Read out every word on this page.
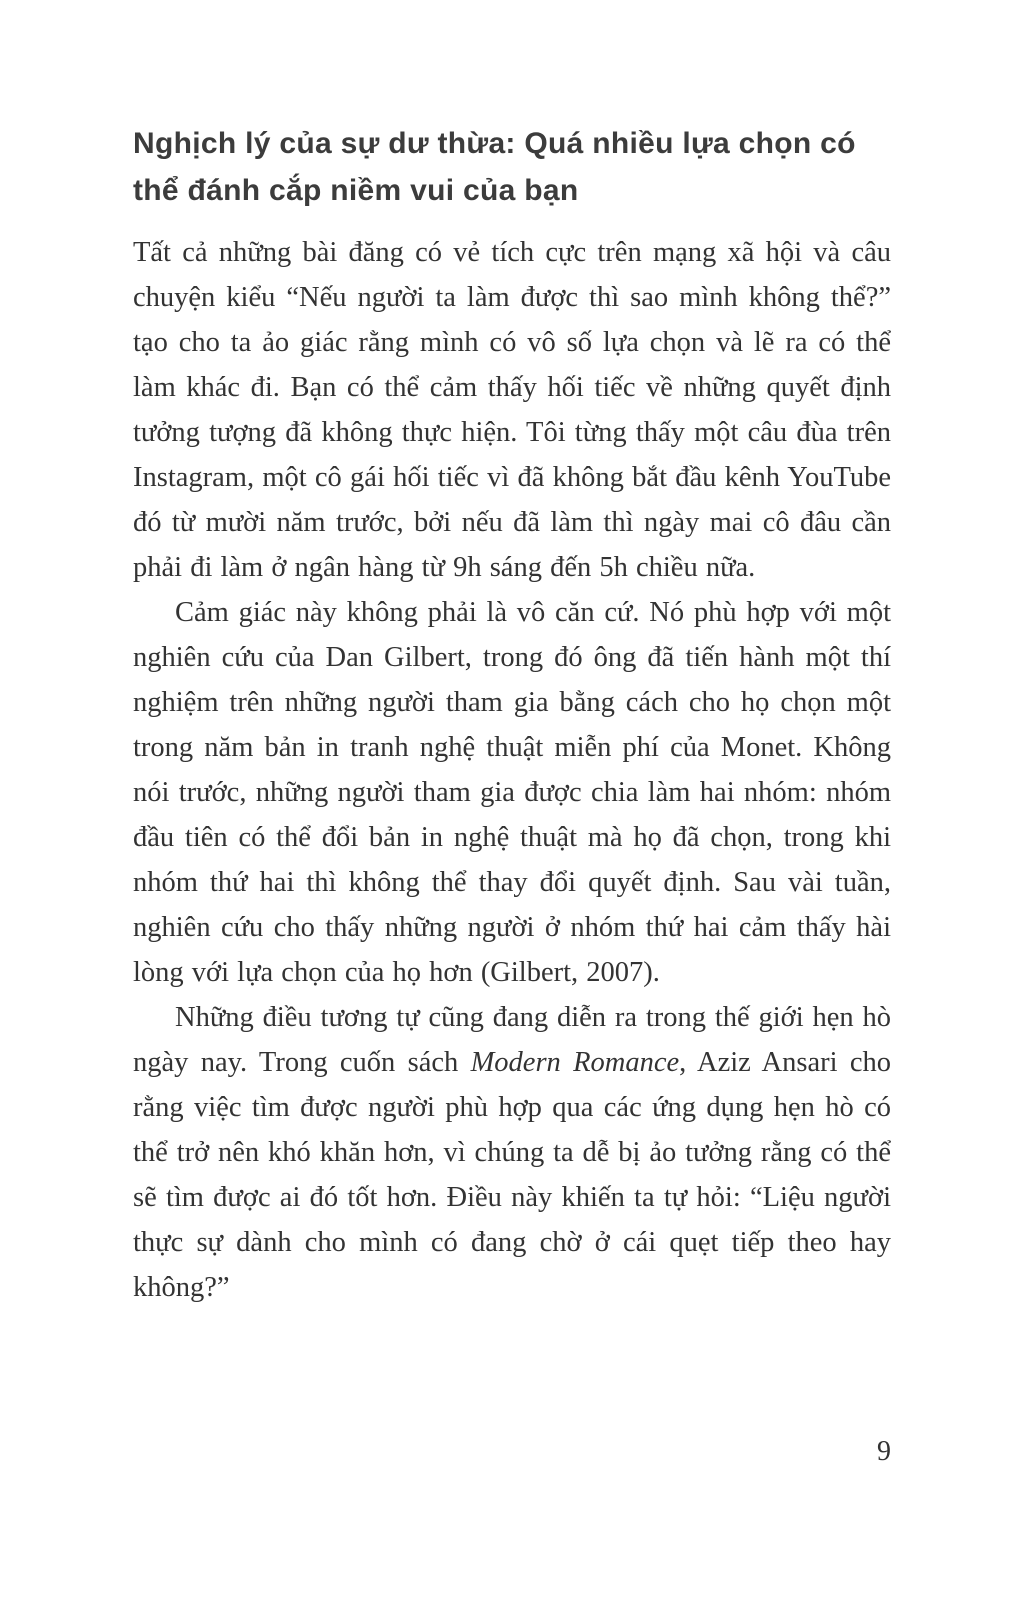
Nghịch lý của sự dư thừa: Quá nhiều lựa chọn có thể đánh cắp niềm vui của bạn

Tất cả những bài đăng có vẻ tích cực trên mạng xã hội và câu chuyện kiểu “Nếu người ta làm được thì sao mình không thể?” tạo cho ta ảo giác rằng mình có vô số lựa chọn và lẽ ra có thể làm khác đi. Bạn có thể cảm thấy hối tiếc về những quyết định tưởng tượng đã không thực hiện. Tôi từng thấy một câu đùa trên Instagram, một cô gái hối tiếc vì đã không bắt đầu kênh YouTube đó từ mười năm trước, bởi nếu đã làm thì ngày mai cô đâu cần phải đi làm ở ngân hàng từ 9h sáng đến 5h chiều nữa.

Cảm giác này không phải là vô căn cứ. Nó phù hợp với một nghiên cứu của Dan Gilbert, trong đó ông đã tiến hành một thí nghiệm trên những người tham gia bằng cách cho họ chọn một trong năm bản in tranh nghệ thuật miễn phí của Monet. Không nói trước, những người tham gia được chia làm hai nhóm: nhóm đầu tiên có thể đổi bản in nghệ thuật mà họ đã chọn, trong khi nhóm thứ hai thì không thể thay đổi quyết định. Sau vài tuần, nghiên cứu cho thấy những người ở nhóm thứ hai cảm thấy hài lòng với lựa chọn của họ hơn (Gilbert, 2007).

Những điều tương tự cũng đang diễn ra trong thế giới hẹn hò ngày nay. Trong cuốn sách Modern Romance, Aziz Ansari cho rằng việc tìm được người phù hợp qua các ứng dụng hẹn hò có thể trở nên khó khăn hơn, vì chúng ta dễ bị ảo tưởng rằng có thể sẽ tìm được ai đó tốt hơn. Điều này khiến ta tự hỏi: “Liệu người thực sự dành cho mình có đang chờ ở cái quẹt tiếp theo hay không?”

9
